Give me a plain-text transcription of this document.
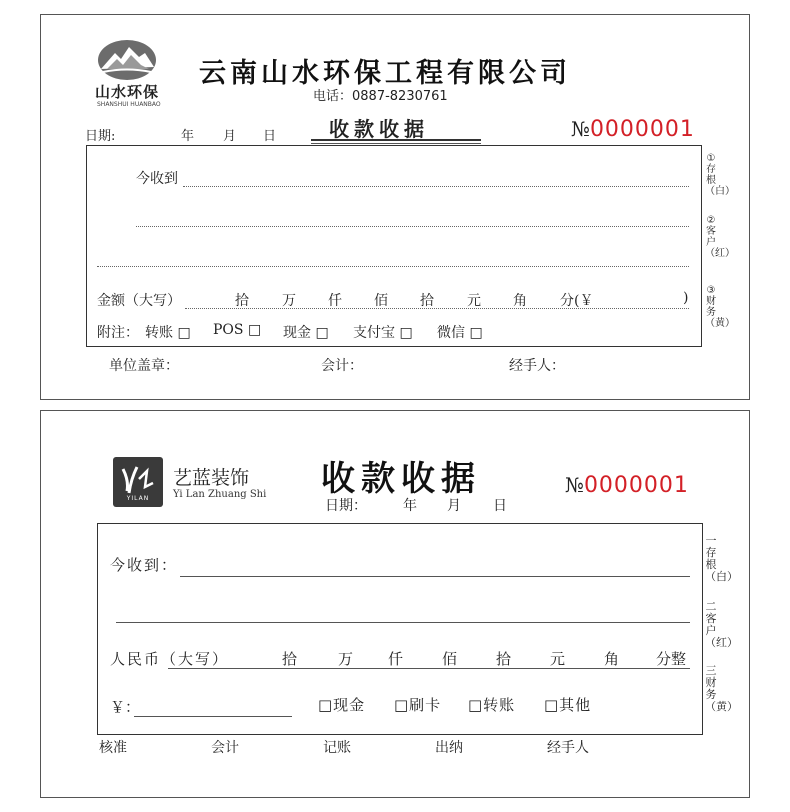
山水环保
SHANSHUI HUANBAO
云南山水环保工程有限公司
电话：0887-8230761
日期:	年 月 日	收款收据	№0000001
今收到
金额（大写）	拾 万 仟 佰 拾 元 角 分 (￥	)
附注： 转账 □ POS □ 现金 □ 支付宝 □ 微信 □
①存根（白）
②客户（红）
③财务（黄）
单位盖章：	会计：	经手人：
YILAN
艺蓝装饰
Yi Lan Zhuang Shi 收款收据
日期：	年 月 日
№0000001
今收到：
人民币（大写）	拾	万 仟	佰	拾	元	角 分整
￥：	□现金 □刷卡 □转账 □其他
一存根（白）
二客户（红）
三财务（黄）
核准	会计	记账	出纳	经手人
